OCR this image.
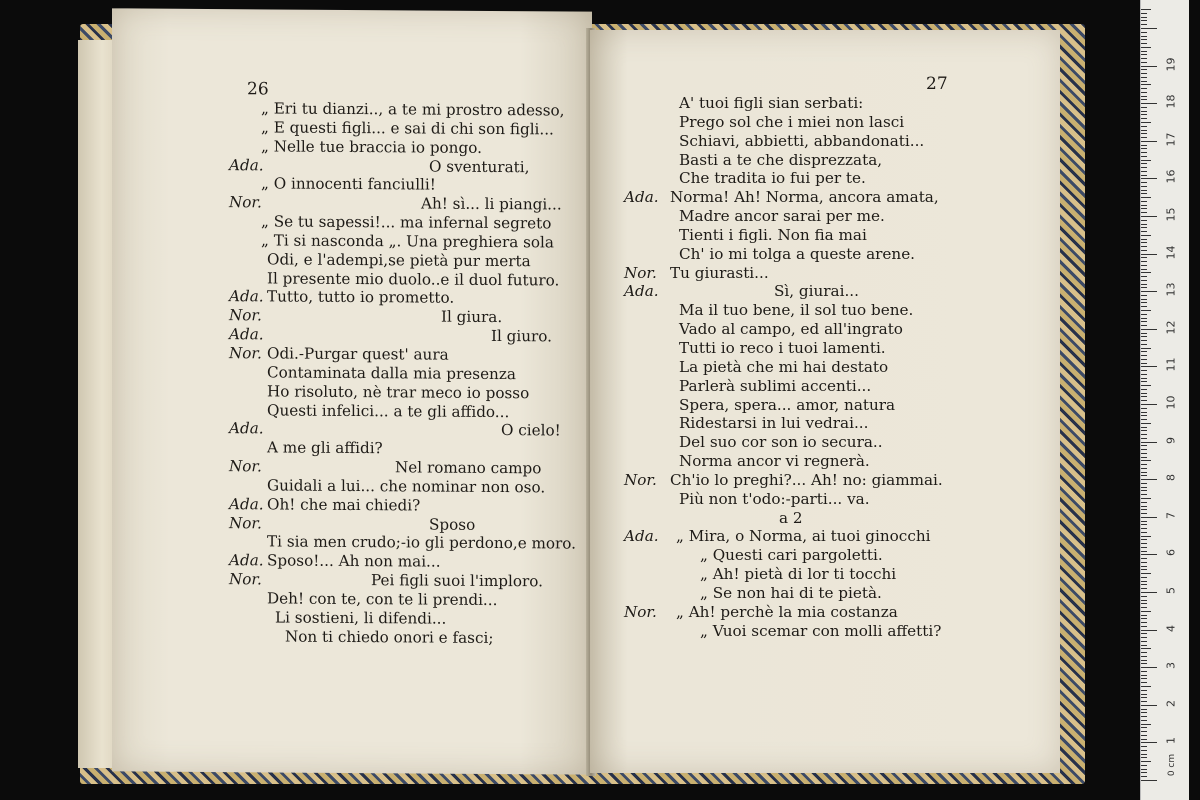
26
„ Eri tu dianzi.., a te mi prostro adesso,
„ E questi figli... e sai di chi son figli...
„ Nelle tue braccia io pongo.
Ada.	O sventurati,
„ O innocenti fanciulli!
Nor.	Ah! sì... li piangi...
„ Se tu sapessi!... ma infernal segreto
„ Ti si nasconda „. Una preghiera sola
Odi, e l'adempi,se pietà pur merta
Il presente mio duolo..e il duol futuro.
Ada. Tutto, tutto io prometto.
Nor.	Il giura.
Ada.	Il giuro.
Nor. Odi.-Purgar quest' aura
Contaminata dalla mia presenza
Ho risoluto, nè trar meco io posso
Questi infelici... a te gli affido...
Ada.	O cielo!
A me gli affidi?
Nor.	Nel romano campo
Guidali a lui... che nominar non oso.
Ada. Oh! che mai chiedi?
Nor.	Sposo
Ti sia men crudo;-io gli perdono,e moro.
Ada. Sposo!... Ah non mai...
Nor.	Pei figli suoi l'imploro.
Deh! con te, con te li prendi...
Li sostieni, li difendi...
Non ti chiedo onori e fasci;
27
A' tuoi figli sian serbati:
Prego sol che i miei non lasci
Schiavi, abbietti, abbandonati...
Basti a te che disprezzata,
Che tradita io fui per te.
Ada. Norma! Ah! Norma, ancora amata,
Madre ancor sarai per me.
Tienti i figli. Non fia mai
Ch' io mi tolga a queste arene.
Nor. Tu giurasti...
Ada.	Sì, giurai...
Ma il tuo bene, il sol tuo bene.
Vado al campo, ed all'ingrato
Tutti io reco i tuoi lamenti.
La pietà che mi hai destato
Parlerà sublimi accenti...
Spera, spera... amor, natura
Ridestarsi in lui vedrai...
Del suo cor son io secura..
Norma ancor vi regnerà.
Nor. Ch'io lo preghi?... Ah! no: giammai.
Più non t'odo:-parti... va.
a 2
Ada. „ Mira, o Norma, ai tuoi ginocchi
„ Questi cari pargoletti.
„ Ah! pietà di lor ti tocchi
„ Se non hai di te pietà.
Nor. „ Ah! perchè la mia costanza
„ Vuoi scemar con molli affetti?
1
2
3
4
5
6
7
8
9
10
11
12
13
14
15
16
17
18
19
0 cm
